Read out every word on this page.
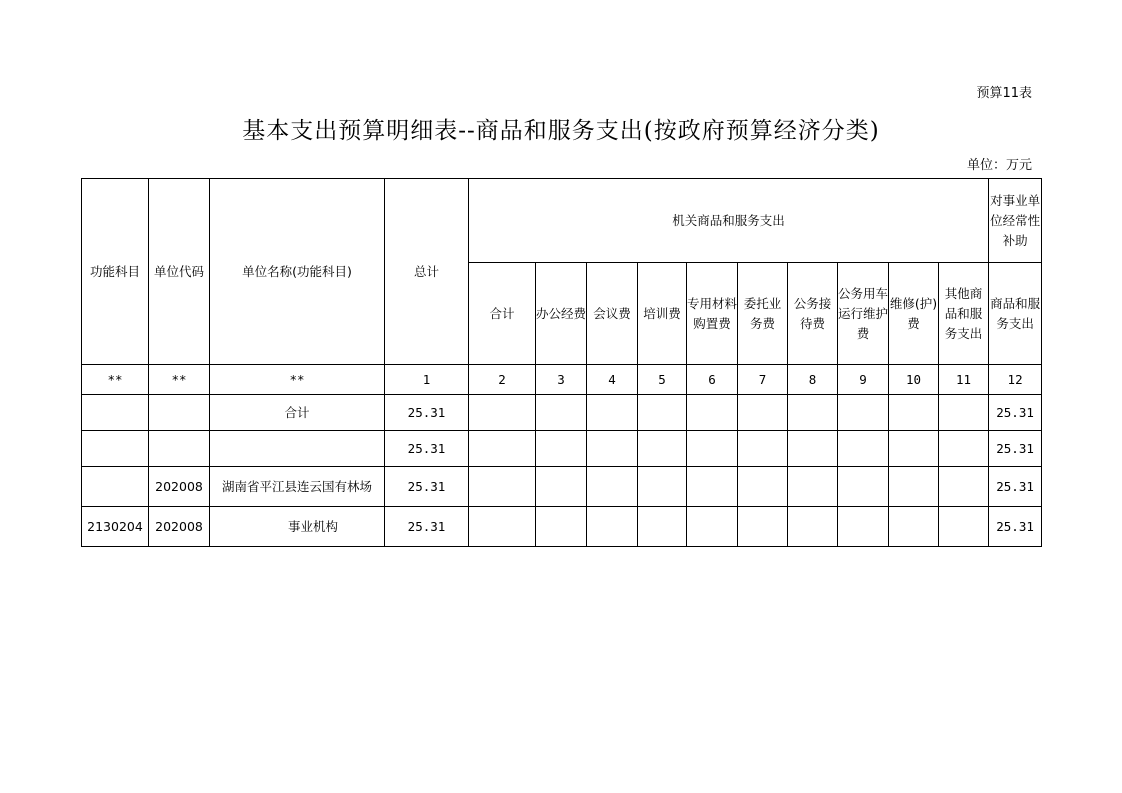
预算11表
基本支出预算明细表--商品和服务支出(按政府预算经济分类)
单位：万元
功能科目	单位代码	单位名称(功能科目)	总计	机关商品和服务支出										对事业单位经常性补助
				合计	办公经费	会议费	培训费	专用材料购置费	委托业务费	公务接待费	公务用车运行维护费	维修(护)费	其他商品和服务支出	商品和服务支出
**	**	**	1	2	3	4	5	6	7	8	9	10	11	12
		合计	25.31											25.31
			25.31											25.31
	202008	湖南省平江县连云国有林场	25.31											25.31
2130204	202008	事业机构	25.31											25.31
